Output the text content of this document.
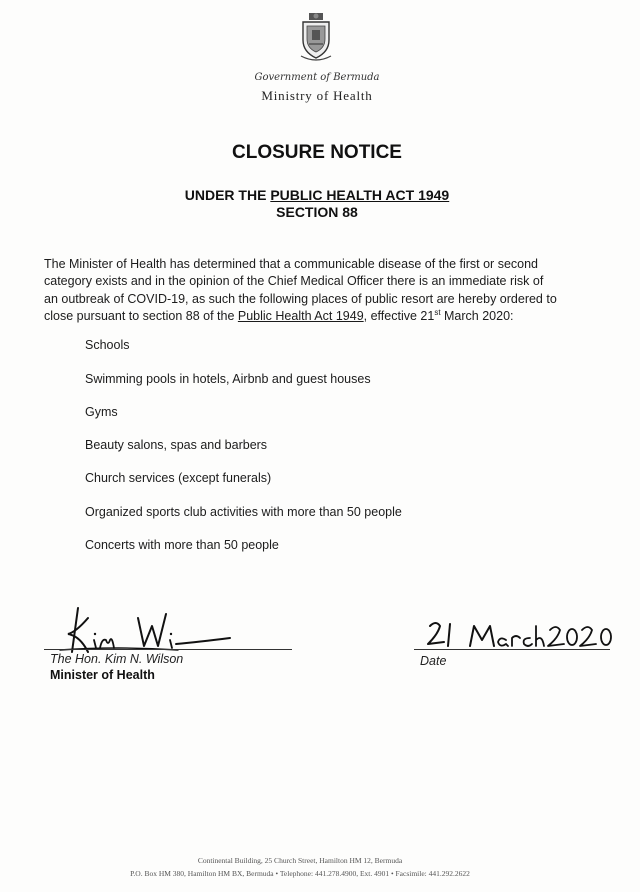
Government of Bermuda
Ministry of Health
CLOSURE NOTICE
UNDER THE PUBLIC HEALTH ACT 1949
SECTION 88
The Minister of Health has determined that a communicable disease of the first or second
category exists and in the opinion of the Chief Medical Officer there is an immediate risk of
an outbreak of COVID-19, as such the following places of public resort are hereby ordered to
close pursuant to section 88 of the Public Health Act 1949, effective 21st March 2020:
Schools
Swimming pools in hotels, Airbnb and guest houses
Gyms
Beauty salons, spas and barbers
Church services (except funerals)
Organized sports club activities with more than 50 people
Concerts with more than 50 people
The Hon. Kim N. Wilson
Minister of Health
Date
Continental Building, 25 Church Street, Hamilton HM 12, Bermuda
P.O. Box HM 380, Hamilton HM BX, Bermuda • Telephone: 441.278.4900, Ext. 4901 • Facsimile: 441.292.2622
